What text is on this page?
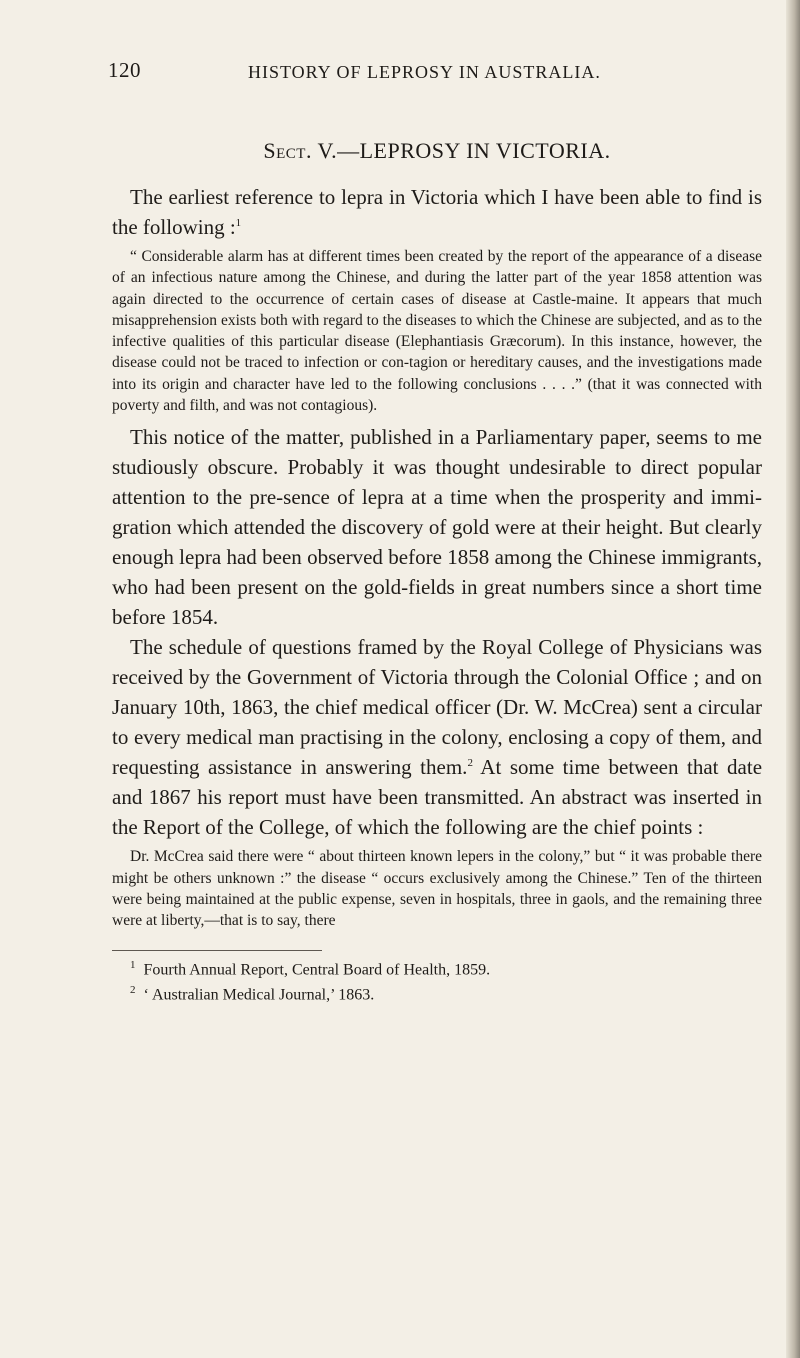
120	HISTORY OF LEPROSY IN AUSTRALIA.
Sect. V.—LEPROSY IN VICTORIA.

The earliest reference to lepra in Victoria which I have been able to find is the following :$^1$

“ Considerable alarm has at different times been created by the report of the appearance of a disease of an infectious nature among the Chinese, and during the latter part of the year 1858 attention was again directed to the occurrence of certain cases of disease at Castle-maine. It appears that much misapprehension exists both with regard to the diseases to which the Chinese are subjected, and as to the infective qualities of this particular disease (Elephantiasis Græcorum). In this instance, however, the disease could not be traced to infection or con-tagion or hereditary causes, and the investigations made into its origin and character have led to the following conclusions . . . .” (that it was connected with poverty and filth, and was not contagious).

This notice of the matter, published in a Parliamentary paper, seems to me studiously obscure. Probably it was thought undesirable to direct popular attention to the pre-sence of lepra at a time when the prosperity and immi-gration which attended the discovery of gold were at their height. But clearly enough lepra had been observed before 1858 among the Chinese immigrants, who had been present on the gold-fields in great numbers since a short time before 1854.

The schedule of questions framed by the Royal College of Physicians was received by the Government of Victoria through the Colonial Office ; and on January 10th, 1863, the chief medical officer (Dr. W. McCrea) sent a circular to every medical man practising in the colony, enclosing a copy of them, and requesting assistance in answering them.$^2$ At some time between that date and 1867 his report must have been transmitted. An abstract was inserted in the Report of the College, of which the following are the chief points :

Dr. McCrea said there were “ about thirteen known lepers in the colony,” but “ it was probable there might be others unknown :” the disease “ occurs exclusively among the Chinese.” Ten of the thirteen were being maintained at the public expense, seven in hospitals, three in gaols, and the remaining three were at liberty,—that is to say, there

$^1$ Fourth Annual Report, Central Board of Health, 1859.
$^2$ ‘ Australian Medical Journal,’ 1863.
